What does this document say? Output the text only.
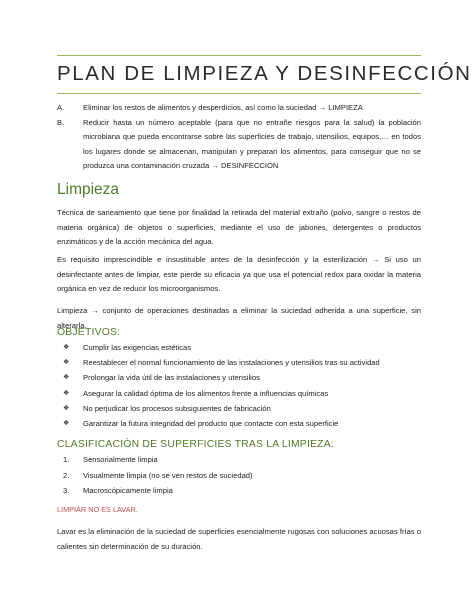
PLAN DE LIMPIEZA Y DESINFECCIÓN
A.	Eliminar los restos de alimentos y desperdicios, así como la suciedad → LIMPIEZA
B.	Reducir hasta un número aceptable (para que no entrañe riesgos para la salud) la población microbiana que pueda encontrarse sobre las superficies de trabajo, utensilios, equipos,… en todos los lugares donde se almacenan, manipulan y preparan los alimentos, para conseguir que no se produzca una contaminación cruzada → DESINFECCIÓN
Limpieza
Técnica de saneamiento que tiene por finalidad la retirada del material extraño (polvo, sangre o restos de materia orgánica) de objetos o superficies, mediante el uso de jabones, detergentes o productos enzimáticos y de la acción mecánica del agua.
Es requisito imprescindible e insustituible antes de la desinfección y la esterilización → Si uso un desinfectante antes de limpiar, este pierde su eficacia ya que usa el potencial redox para oxidar la materia orgánica en vez de reducir los microorganismos.
Limpieza → conjunto de operaciones destinadas a eliminar la suciedad adherida a una superficie, sin alterarla.
OBJETIVOS:
❖	Cumplir las exigencias estéticas
❖	Reestablecer el normal funcionamiento de las instalaciones y utensilios tras su actividad
❖	Prolongar la vida útil de las instalaciones y utensilios
❖	Asegurar la calidad óptima de los alimentos frente a influencias químicas
❖	No perjudicar los procesos subsiguientes de fabricación
❖	Garantizar la futura integridad del producto que contacte con esta superficie
CLASIFICACIÓN DE SUPERFICIES TRAS LA LIMPIEZA:
1.	Sensorialmente limpia
2.	Visualmente limpia (no se ven restos de suciedad)
3.	Macroscópicamente limpia
LIMPIAR NO ES LAVAR.
Lavar es la eliminación de la suciedad de superficies esencialmente rugosas con soluciones acuosas frías o calientes sin determinación de su duración.
